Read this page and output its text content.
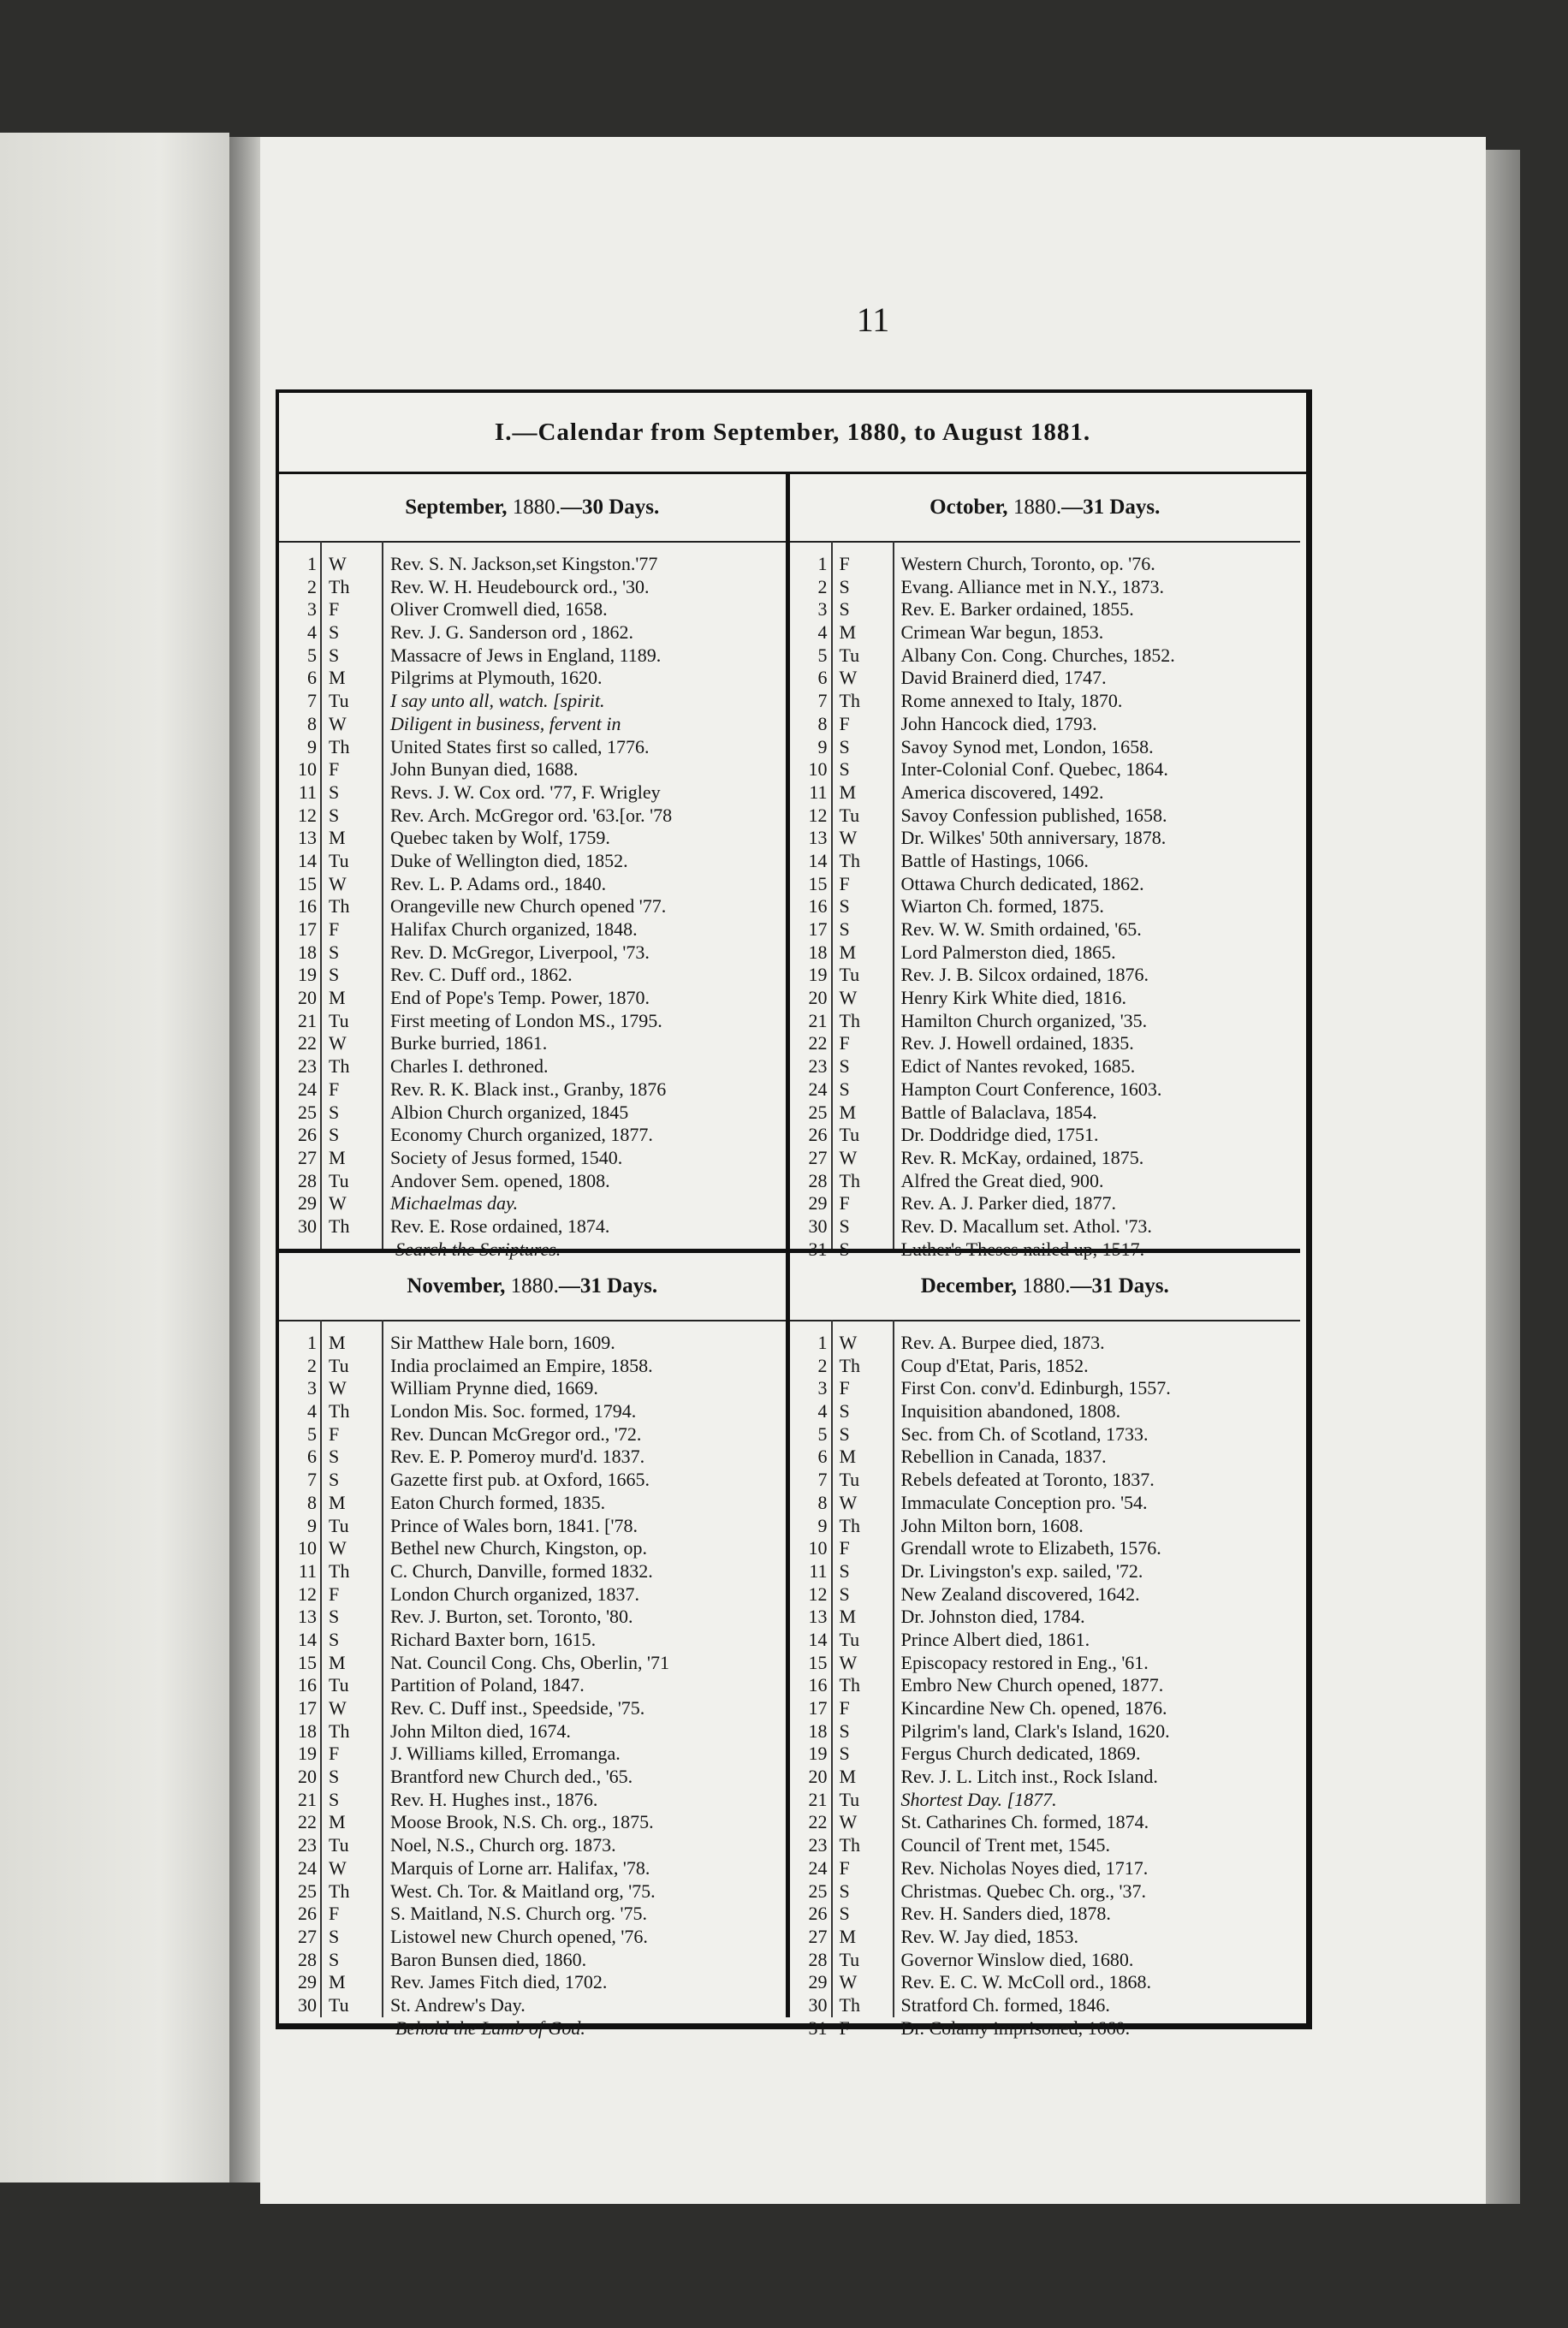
11
I.—Calendar from September, 1880, to August 1881.
September, 1880.—30 Days.
1 W	Rev. S. N. Jackson,set Kingston.'77
2 Th	Rev. W. H. Heudebourck ord., '30.
3 F	Oliver Cromwell died, 1658.
4 S	Rev. J. G. Sanderson ord , 1862.
5 S	Massacre of Jews in England, 1189.
6 M	Pilgrims at Plymouth, 1620.
7 Tu	I say unto all, watch. [spirit.
8 W	Diligent in business, fervent in
9 Th	United States first so called, 1776.
10 F	John Bunyan died, 1688.
11 S	Revs. J. W. Cox ord. '77, F. Wrigley
12 S	Rev. Arch. McGregor ord. '63.[or. '78
13 M	Quebec taken by Wolf, 1759.
14 Tu	Duke of Wellington died, 1852.
15 W	Rev. L. P. Adams ord., 1840.
16 Th	Orangeville new Church opened '77.
17 F	Halifax Church organized, 1848.
18 S	Rev. D. McGregor, Liverpool, '73.
19 S	Rev. C. Duff ord., 1862.
20 M	End of Pope's Temp. Power, 1870.
21 Tu	First meeting of London MS., 1795.
22 W	Burke burried, 1861.
23 Th	Charles I. dethroned.
24 F	Rev. R. K. Black inst., Granby, 1876
25 S	Albion Church organized, 1845
26 S	Economy Church organized, 1877.
27 M	Society of Jesus formed, 1540.
28 Tu	Andover Sem. opened, 1808.
29 W	Michaelmas day.
30 Th	Rev. E. Rose ordained, 1874.
Search the Scriptures.
October, 1880.—31 Days.
1 F	Western Church, Toronto, op. '76.
2 S	Evang. Alliance met in N.Y., 1873.
3 S	Rev. E. Barker ordained, 1855.
4 M	Crimean War begun, 1853.
5 Tu	Albany Con. Cong. Churches, 1852.
6 W	David Brainerd died, 1747.
7 Th	Rome annexed to Italy, 1870.
8 F	John Hancock died, 1793.
9 S	Savoy Synod met, London, 1658.
10 S	Inter-Colonial Conf. Quebec, 1864.
11 M	America discovered, 1492.
12 Tu	Savoy Confession published, 1658.
13 W	Dr. Wilkes' 50th anniversary, 1878.
14 Th	Battle of Hastings, 1066.
15 F	Ottawa Church dedicated, 1862.
16 S	Wiarton Ch. formed, 1875.
17 S	Rev. W. W. Smith ordained, '65.
18 M	Lord Palmerston died, 1865.
19 Tu	Rev. J. B. Silcox ordained, 1876.
20 W	Henry Kirk White died, 1816.
21 Th	Hamilton Church organized, '35.
22 F	Rev. J. Howell ordained, 1835.
23 S	Edict of Nantes revoked, 1685.
24 S	Hampton Court Conference, 1603.
25 M	Battle of Balaclava, 1854.
26 Tu	Dr. Doddridge died, 1751.
27 W	Rev. R. McKay, ordained, 1875.
28 Th	Alfred the Great died, 900.
29 F	Rev. A. J. Parker died, 1877.
30 S	Rev. D. Macallum set. Athol. '73.
31 S	Luther's Theses nailed up, 1517.
November, 1880.—31 Days.
1 M	Sir Matthew Hale born, 1609.
2 Tu	India proclaimed an Empire, 1858.
3 W	William Prynne died, 1669.
4 Th	London Mis. Soc. formed, 1794.
5 F	Rev. Duncan McGregor ord., '72.
6 S	Rev. E. P. Pomeroy murd'd. 1837.
7 S	Gazette first pub. at Oxford, 1665.
8 M	Eaton Church formed, 1835.
9 Tu	Prince of Wales born, 1841. ['78.
10 W	Bethel new Church, Kingston, op.
11 Th	C. Church, Danville, formed 1832.
12 F	London Church organized, 1837.
13 S	Rev. J. Burton, set. Toronto, '80.
14 S	Richard Baxter born, 1615.
15 M	Nat. Council Cong. Chs, Oberlin, '71
16 Tu	Partition of Poland, 1847.
17 W	Rev. C. Duff inst., Speedside, '75.
18 Th	John Milton died, 1674.
19 F	J. Williams killed, Erromanga.
20 S	Brantford new Church ded., '65.
21 S	Rev. H. Hughes inst., 1876.
22 M	Moose Brook, N.S. Ch. org., 1875.
23 Tu	Noel, N.S., Church org. 1873.
24 W	Marquis of Lorne arr. Halifax, '78.
25 Th	West. Ch. Tor. & Maitland org, '75.
26 F	S. Maitland, N.S. Church org. '75.
27 S	Listowel new Church opened, '76.
28 S	Baron Bunsen died, 1860.
29 M	Rev. James Fitch died, 1702.
30 Tu	St. Andrew's Day.
Behold the Lamb of God.
December, 1880.—31 Days.
1 W	Rev. A. Burpee died, 1873.
2 Th	Coup d'Etat, Paris, 1852.
3 F	First Con. conv'd. Edinburgh, 1557.
4 S	Inquisition abandoned, 1808.
5 S	Sec. from Ch. of Scotland, 1733.
6 M	Rebellion in Canada, 1837.
7 Tu	Rebels defeated at Toronto, 1837.
8 W	Immaculate Conception pro. '54.
9 Th	John Milton born, 1608.
10 F	Grendall wrote to Elizabeth, 1576.
11 S	Dr. Livingston's exp. sailed, '72.
12 S	New Zealand discovered, 1642.
13 M	Dr. Johnston died, 1784.
14 Tu	Prince Albert died, 1861.
15 W	Episcopacy restored in Eng., '61.
16 Th	Embro New Church opened, 1877.
17 F	Kincardine New Ch. opened, 1876.
18 S	Pilgrim's land, Clark's Island, 1620.
19 S	Fergus Church dedicated, 1869.
20 M	Rev. J. L. Litch inst., Rock Island.
21 Tu	Shortest Day. [1877.
22 W	St. Catharines Ch. formed, 1874.
23 Th	Council of Trent met, 1545.
24 F	Rev. Nicholas Noyes died, 1717.
25 S	Christmas. Quebec Ch. org., '37.
26 S	Rev. H. Sanders died, 1878.
27 M	Rev. W. Jay died, 1853.
28 Tu	Governor Winslow died, 1680.
29 W	Rev. E. C. W. McColl ord., 1868.
30 Th	Stratford Ch. formed, 1846.
31 F	Dr. Colamy imprisoned, 1660.
